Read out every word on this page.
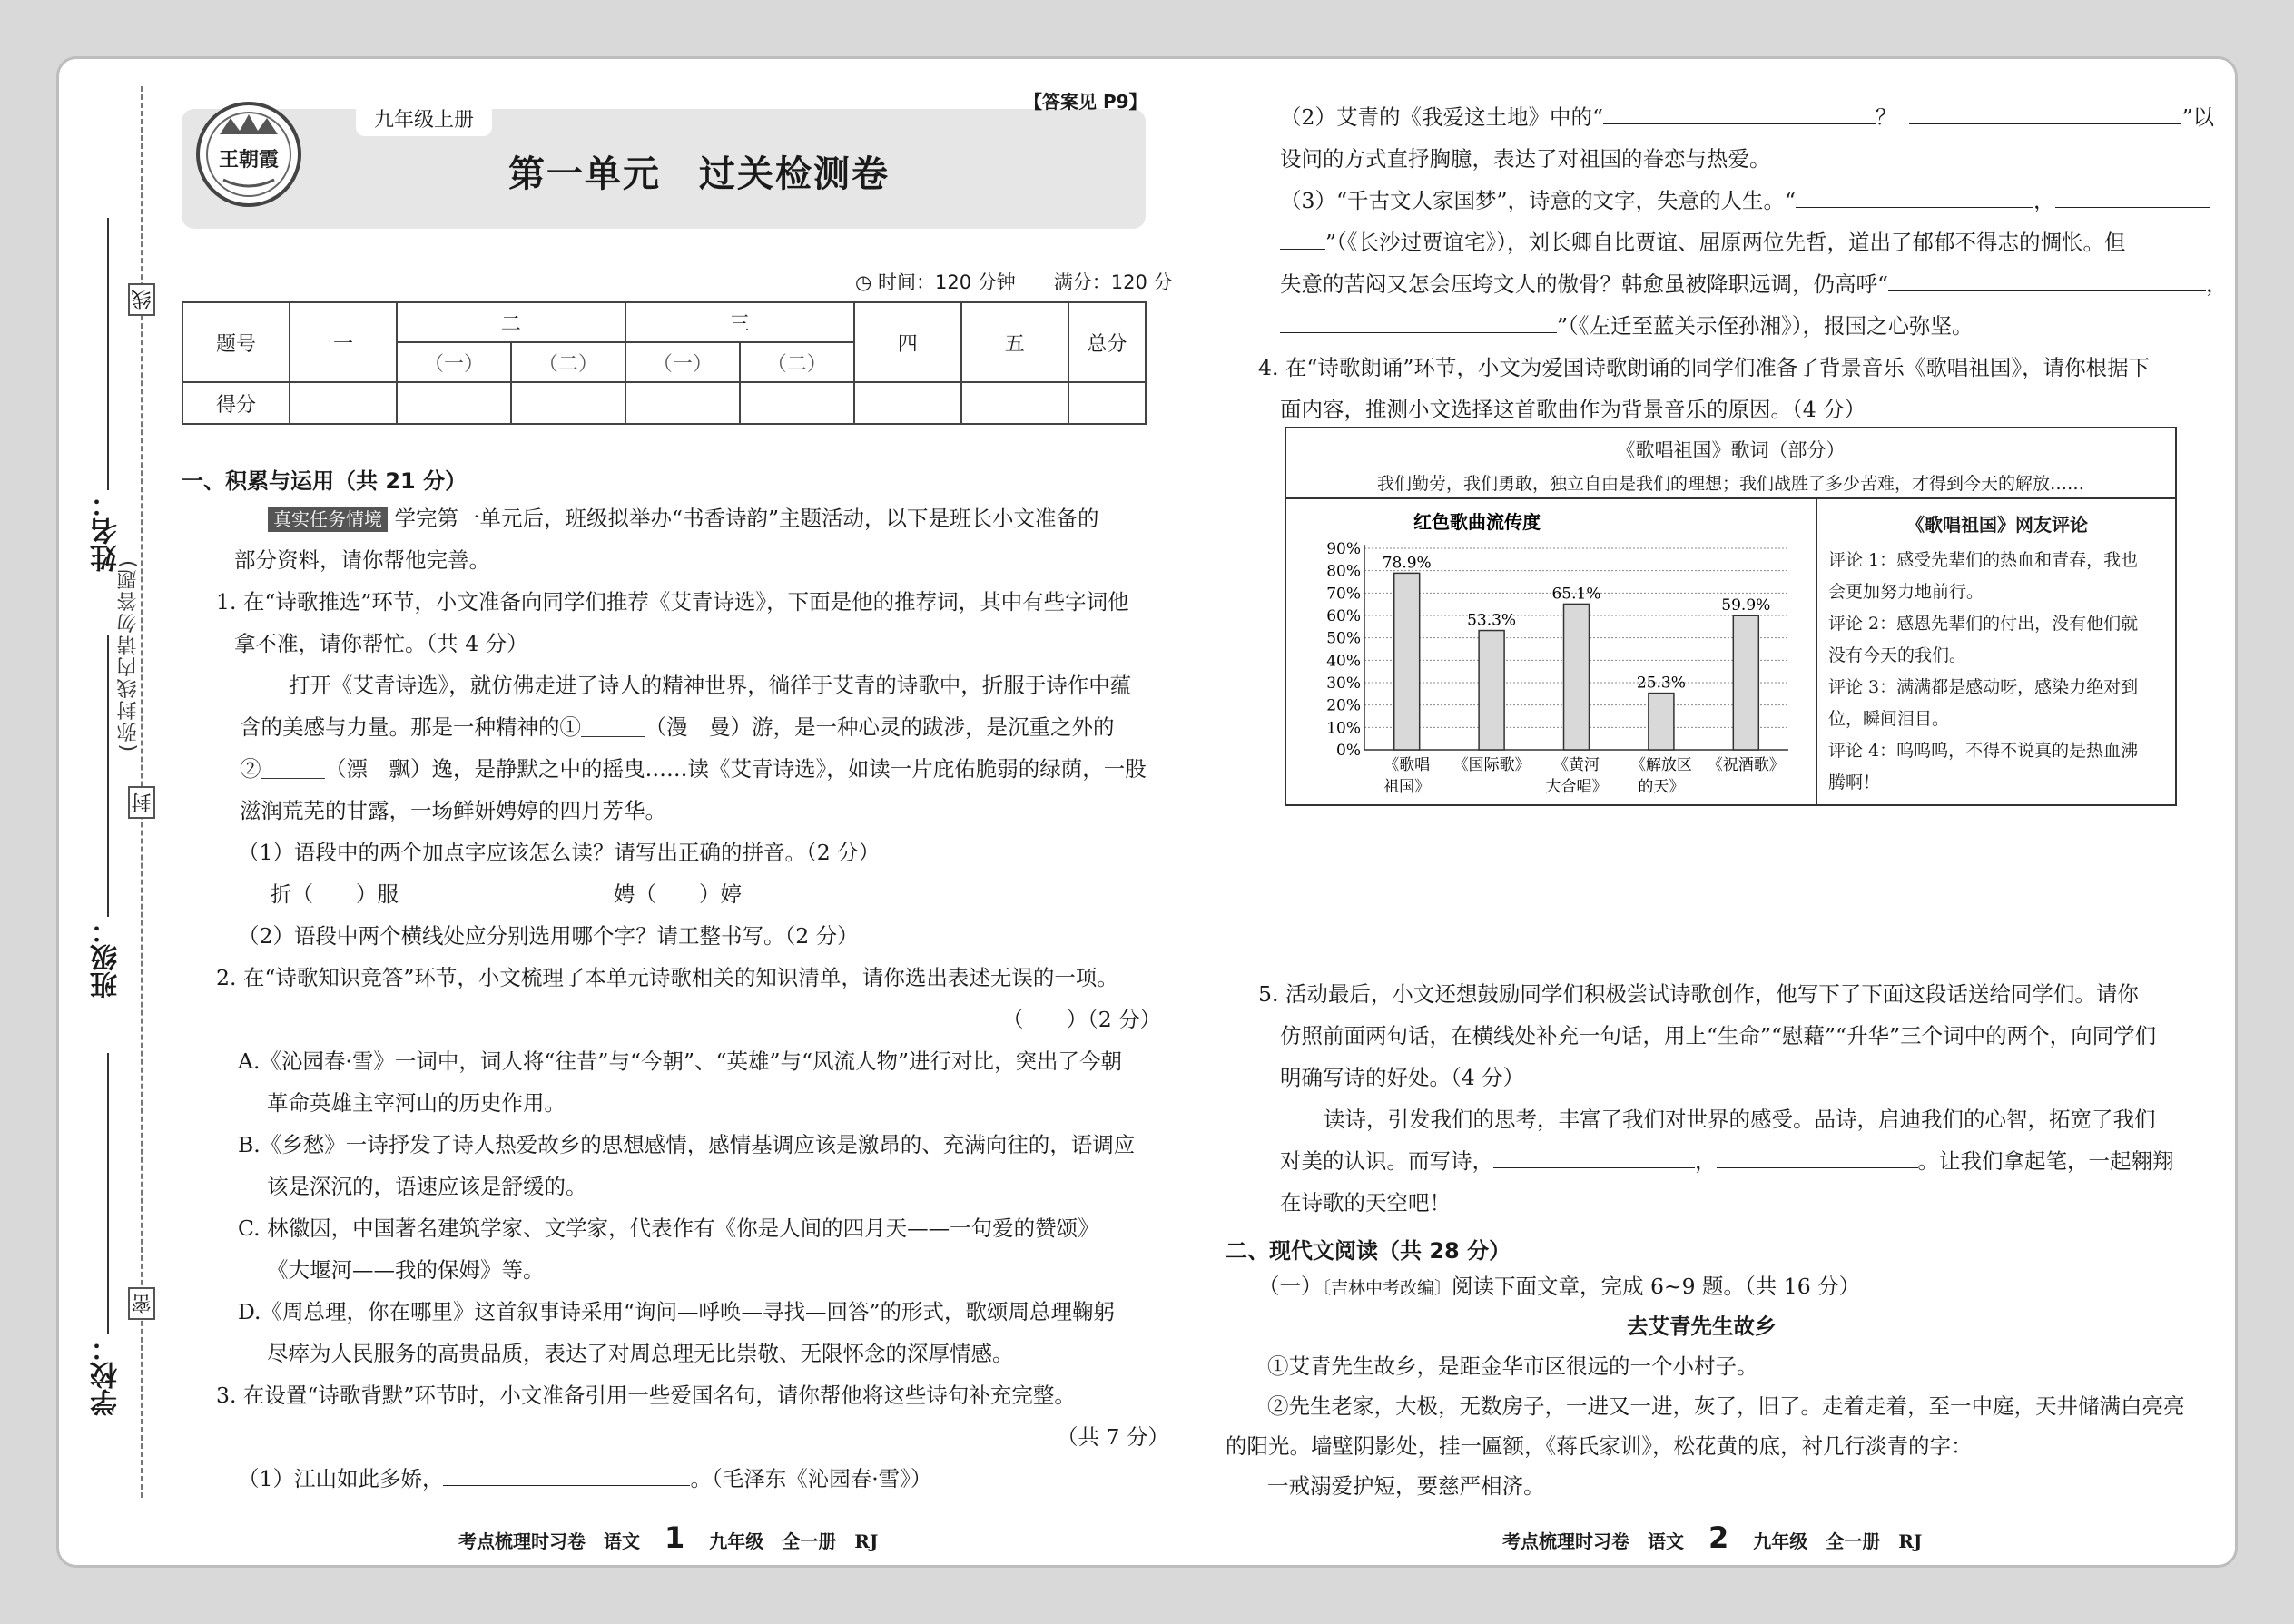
姓名：
班级：
学校：
线
封
密
(弥封线内请勿答题)
九年级上册
【答案见 P9】
王朝霞	第一单元　过关检测卷
◷ 时间：120 分钟　　 满分：120 分
题号	一	二		三		四	五	总分
		（一）	（二）	（一）	（二）			
得分								
一、积累与运用（共 21 分）
真实任务情境 学完第一单元后，班级拟举办“书香诗韵”主题活动，以下是班长小文准备的
部分资料，请你帮他完善。
1. 在“诗歌推选”环节，小文准备向同学们推荐《艾青诗选》，下面是他的推荐词，其中有些字词他
拿不准，请你帮忙。（共 4 分）
打开《艾青诗选》，就仿佛走进了诗人的精神世界，徜徉于艾青的诗歌中，折服于诗作中蕴
含的美感与力量。那是一种精神的①＿＿＿（漫　曼）游，是一种心灵的跋涉，是沉重之外的
②＿＿＿（漂　飘）逸，是静默之中的摇曳……读《艾青诗选》，如读一片庇佑脆弱的绿荫，一股
滋润荒芜的甘露，一场鲜妍娉婷的四月芳华。
（1）语段中的两个加点字应该怎么读？请写出正确的拼音。（2 分）
折（　　）服	娉（　　）婷
（2）语段中两个横线处应分别选用哪个字？请工整书写。（2 分）
2. 在“诗歌知识竞答”环节，小文梳理了本单元诗歌相关的知识清单，请你选出表述无误的一项。
（　　）（2 分）
A.《沁园春·雪》一词中，词人将“往昔”与“今朝”、“英雄”与“风流人物”进行对比，突出了今朝
革命英雄主宰河山的历史作用。
B.《乡愁》一诗抒发了诗人热爱故乡的思想感情，感情基调应该是激昂的、充满向往的，语调应
该是深沉的，语速应该是舒缓的。
C. 林徽因，中国著名建筑学家、文学家，代表作有《你是人间的四月天——一句爱的赞颂》
《大堰河——我的保姆》等。
D.《周总理，你在哪里》这首叙事诗采用“询问—呼唤—寻找—回答”的形式，歌颂周总理鞠躬
尽瘁为人民服务的高贵品质，表达了对周总理无比崇敬、无限怀念的深厚情感。
3. 在设置“诗歌背默”环节时，小文准备引用一些爱国名句，请你帮他将这些诗句补充完整。
（共 7 分）
（1）江山如此多娇，	。（毛泽东《沁园春·雪》）
（2）艾青的《我爱这土地》中的“	？	”以
设问的方式直抒胸臆，表达了对祖国的眷恋与热爱。
（3）“千古文人家国梦”，诗意的文字，失意的人生。“	，
”（《长沙过贾谊宅》），刘长卿自比贾谊、屈原两位先哲，道出了郁郁不得志的惆怅。但
失意的苦闷又怎会压垮文人的傲骨？韩愈虽被降职远调，仍高呼“	，
”（《左迁至蓝关示侄孙湘》），报国之心弥坚。
4. 在“诗歌朗诵”环节，小文为爱国诗歌朗诵的同学们准备了背景音乐《歌唱祖国》，请你根据下
面内容，推测小文选择这首歌曲作为背景音乐的原因。（4 分）
《歌唱祖国》歌词（部分）
我们勤劳，我们勇敢，独立自由是我们的理想；我们战胜了多少苦难，才得到今天的解放……
《歌唱祖国》网友评论
评论 1：感受先辈们的热血和青春，我也
会更加努力地前行。
评论 2：感恩先辈们的付出，没有他们就
没有今天的我们。
评论 3：满满都是感动呀，感染力绝对到
位，瞬间泪目。
评论 4：呜呜呜，不得不说真的是热血沸
腾啊！
红色歌曲流传度
0%
10%
20%
30%
40%
50%
60%
70%
80%
90%
78.9%
《歌唱
祖国》
53.3%
《国际歌》
65.1%
《黄河
大合唱》
25.3%
《解放区
的天》
59.9%
《祝酒歌》
5. 活动最后，小文还想鼓励同学们积极尝试诗歌创作，他写下了下面这段话送给同学们。请你
仿照前面两句话，在横线处补充一句话，用上“生命”“慰藉”“升华”三个词中的两个，向同学们
明确写诗的好处。（4 分）
读诗，引发我们的思考，丰富了我们对世界的感受。品诗，启迪我们的心智，拓宽了我们
对美的认识。而写诗，	，	。让我们拿起笔，一起翱翔
在诗歌的天空吧！
二、现代文阅读（共 28 分）
（一）〔吉林中考改编〕阅读下面文章，完成 6~9 题。（共 16 分）
去艾青先生故乡
①艾青先生故乡，是距金华市区很远的一个小村子。
②先生老家，大极，无数房子，一进又一进，灰了，旧了。走着走着，至一中庭，天井储满白亮亮
的阳光。墙壁阴影处，挂一匾额，《蒋氏家训》，松花黄的底，衬几行淡青的字：
一戒溺爱护短，要慈严相济。
考点梳理时习卷　语文　 1　 九年级　全一册　RJ	考点梳理时习卷　语文　 2　 九年级　全一册　RJ
